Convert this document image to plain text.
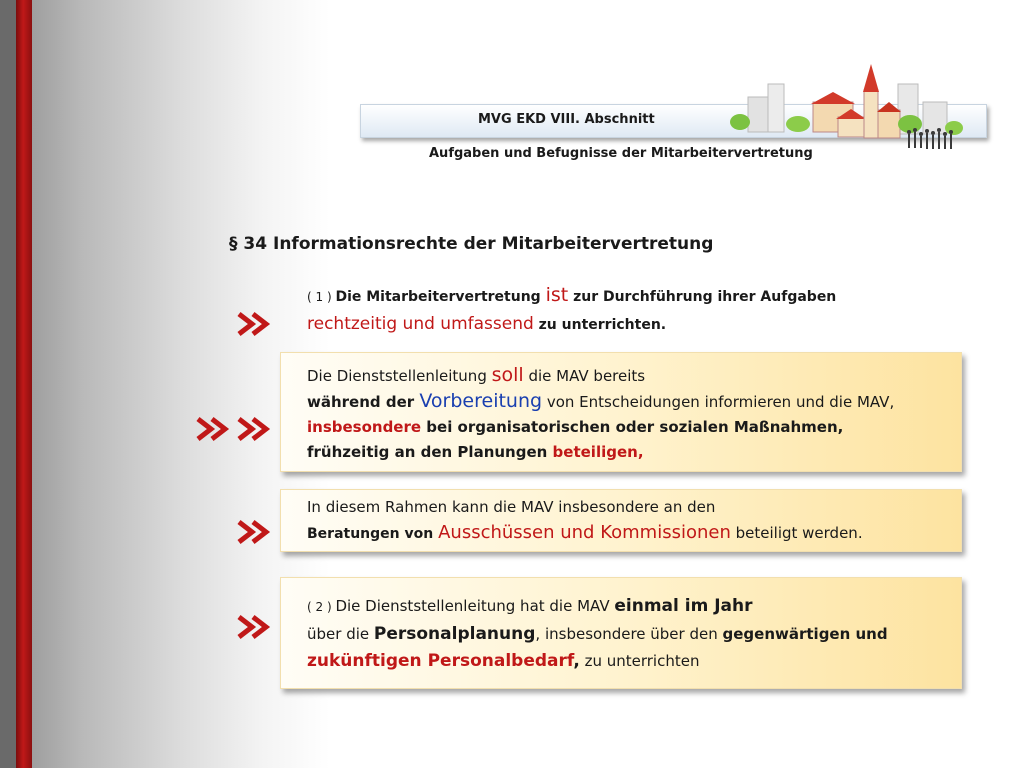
MVG EKD VIII. Abschnitt
Aufgaben und Befugnisse der Mitarbeitervertretung
§ 34 Informationsrechte der Mitarbeitervertretung
( 1 ) Die Mitarbeitervertretung ist zur Durchführung ihrer Aufgaben
rechtzeitig und umfassend zu unterrichten.
Die Dienststellenleitung soll die MAV bereits
während der Vorbereitung von Entscheidungen informieren und die MAV,
insbesondere bei organisatorischen oder sozialen Maßnahmen,
frühzeitig an den Planungen beteiligen,
In diesem Rahmen kann die MAV insbesondere an den
Beratungen von Ausschüssen und Kommissionen beteiligt werden.
( 2 ) Die Dienststellenleitung hat die MAV einmal im Jahr
über die Personalplanung, insbesondere über den gegenwärtigen und
zukünftigen Personalbedarf, zu unterrichten
